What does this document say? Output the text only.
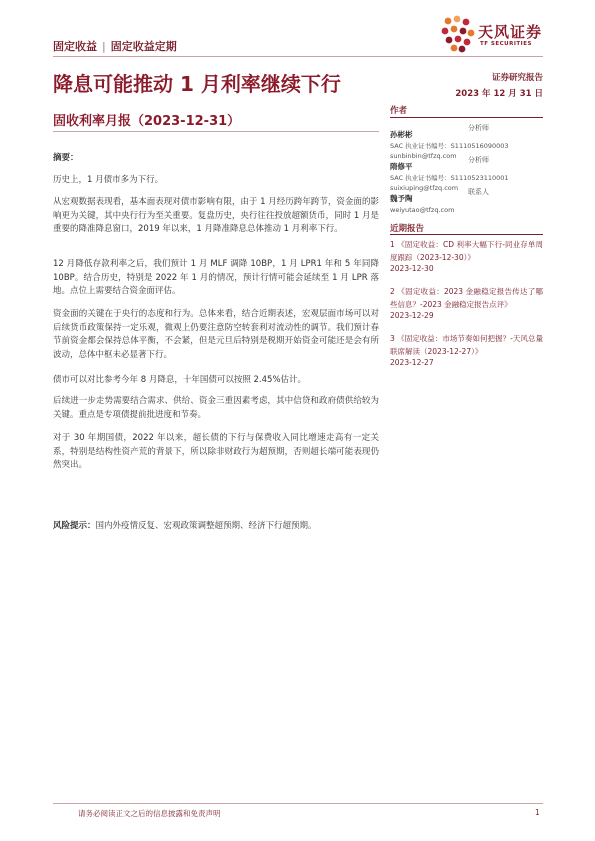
固定收益 | 固定收益定期
天风证券
TF SECURITIES
降息可能推动 1 月利率继续下行
固收利率月报（2023-12-31）
证券研究报告
2023 年 12 月 31 日
作者
孙彬彬
分析师
SAC 执业证书编号：S1110516090003
sunbinbin@tfzq.com
隋修平
分析师
SAC 执业证书编号：S1110523110001
suixiuping@tfzq.com
魏予陶
联系人
weiyutao@tfzq.com
近期报告
1 《固定收益：CD 利率大幅下行-同业存单周度跟踪（2023-12-30）》
2023-12-30
2 《固定收益：2023 金融稳定报告传达了哪些信息？-2023 金融稳定报告点评》
2023-12-29
3 《固定收益：市场节奏如何把握？-天风总量联席解读（2023-12-27）》
2023-12-27
摘要：
历史上，1 月债市多为下行。
从宏观数据表现看，基本面表现对债市影响有限，由于 1 月经历跨年跨节，资金面的影响更为关键，其中央行行为至关重要。复盘历史，央行往往投放超额货币，同时 1 月是重要的降准降息窗口，2019 年以来，1 月降准降息总体推动 1 月利率下行。
12 月降低存款利率之后，我们预计 1 月 MLF 调降 10BP，1 月 LPR1 年和 5 年同降 10BP。结合历史，特别是 2022 年 1 月的情况，预计行情可能会延续至 1 月 LPR 落地。点位上需要结合资金面评估。
资金面的关键在于央行的态度和行为。总体来看，结合近期表述，宏观层面市场可以对后续货币政策保持一定乐观，微观上仍要注意防空转套利对流动性的调节。我们预计春节前资金都会保持总体平衡，不会紧，但是元旦后特别是税期开始资金可能还是会有所波动，总体中枢未必显著下行。
债市可以对比参考今年 8 月降息，十年国债可以按照 2.45%估计。
后续进一步走势需要结合需求、供给、资金三重因素考虑，其中信贷和政府债供给较为关键。重点是专项债提前批进度和节奏。
对于 30 年期国债，2022 年以来，超长债的下行与保费收入同比增速走高有一定关系，特别是结构性资产荒的背景下，所以除非财政行为超预期，否则超长端可能表现仍然突出。
风险提示：国内外疫情反复、宏观政策调整超预期、经济下行超预期。
请务必阅读正文之后的信息披露和免责声明	1
